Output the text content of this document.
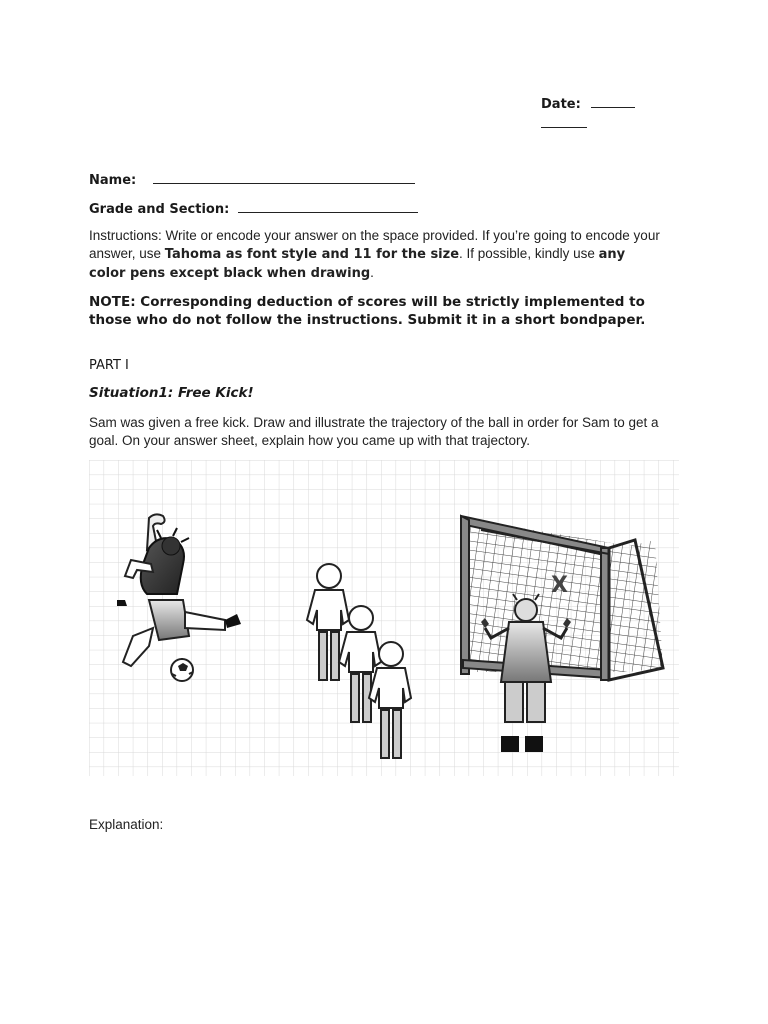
Date:
Name:
Grade and Section:
Instructions: Write or encode your answer on the space provided. If you’re going to encode your answer, use Tahoma as font style and 11 for the size. If possible, kindly use any color pens except black when drawing.
NOTE: Corresponding deduction of scores will be strictly implemented to those who do not follow the instructions. Submit it in a short bondpaper.
PART I
Situation1: Free Kick!
Sam was given a free kick. Draw and illustrate the trajectory of the ball in order for Sam to get a goal. On your answer sheet, explain how you came up with that trajectory.
X
Explanation:
